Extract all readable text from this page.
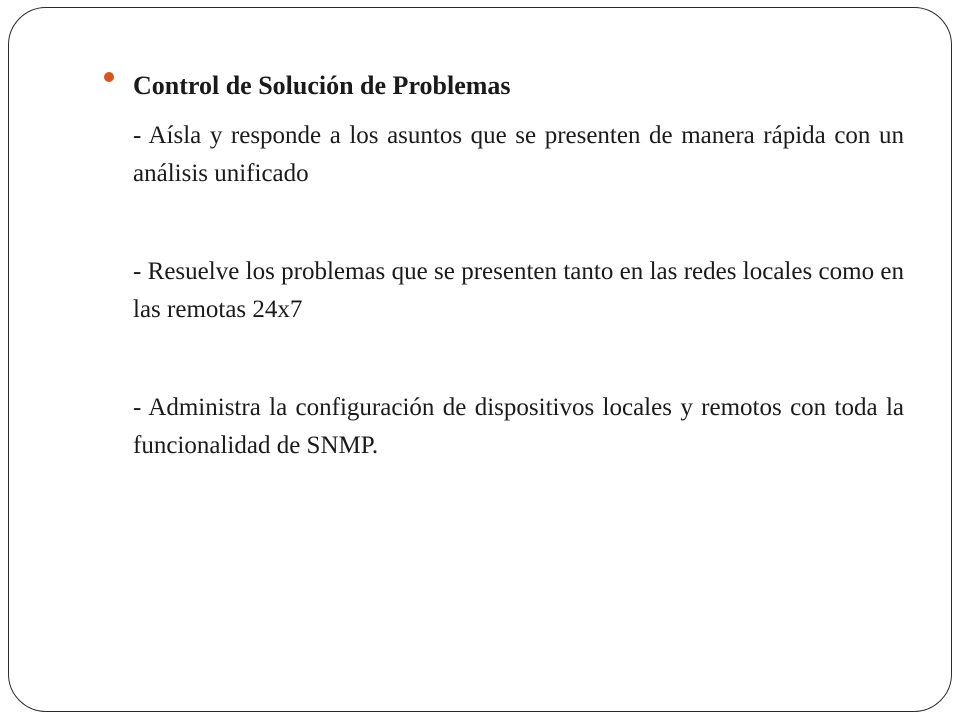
Control de Solución de Problemas

- Aísla y responde a los asuntos que se presenten de manera rápida con un análisis unificado

- Resuelve los problemas que se presenten tanto en las redes locales como en las remotas 24x7

- Administra la configuración de dispositivos locales y remotos con toda la funcionalidad de SNMP.
